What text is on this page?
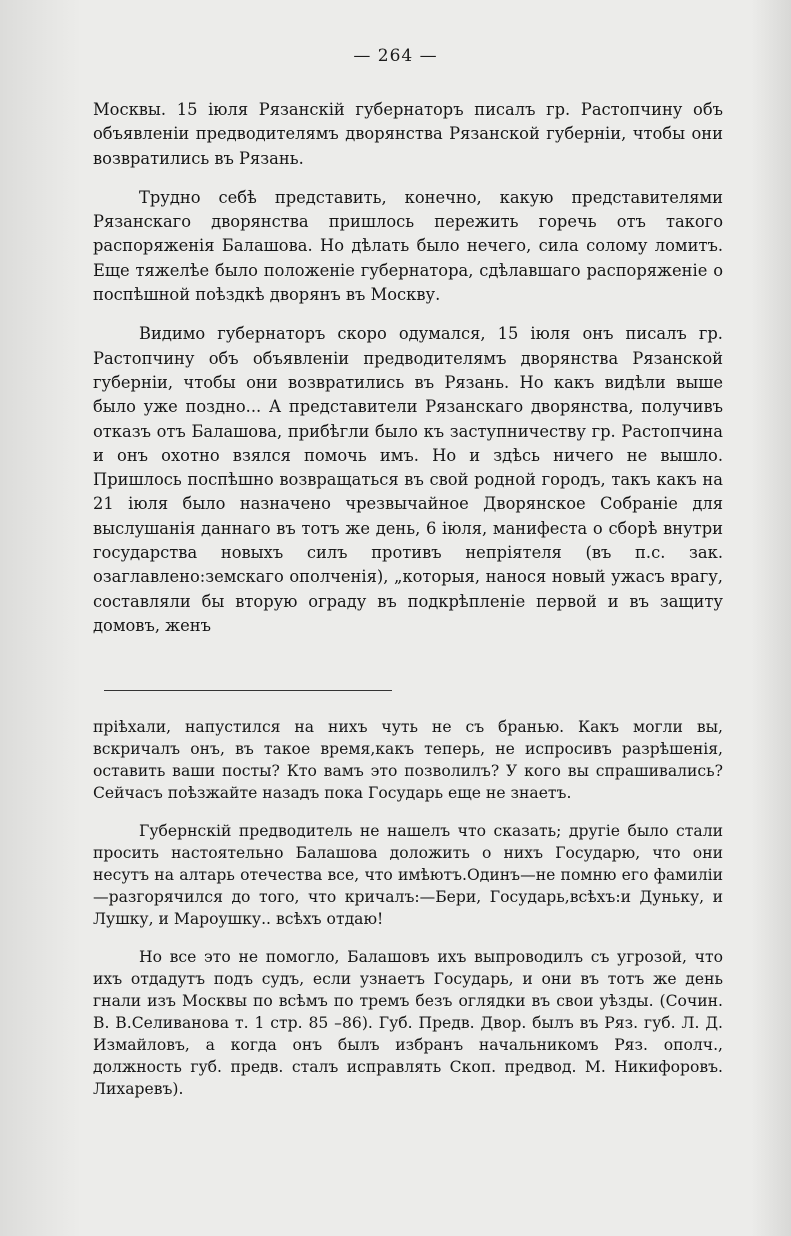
— 264 —

Москвы. 15 іюля Рязанскій губернаторъ писалъ гр. Растопчину объ объявленіи предводителямъ дворянства Рязанской губерніи, чтобы они возвратились въ Рязань.

Трудно себѣ представить, конечно, какую представителями Рязанскаго дворянства пришлось пережить горечь отъ такого распоряженія Балашова. Но дѣлать было нечего, сила солому ломитъ. Еще тяжелѣе было положеніе губернатора, сдѣлавшаго распоряженіе о поспѣшной поѣздкѣ дворянъ въ Москву.

Видимо губернаторъ скоро одумался, 15 іюля онъ писалъ гр. Растопчину объ объявленіи предводителямъ дворянства Рязанской губерніи, чтобы они возвратились въ Рязань. Но какъ видѣли выше было уже поздно... А представители Рязанскаго дворянства, получивъ отказъ отъ Балашова, прибѣгли было къ заступничеству гр. Растопчина и онъ охотно взялся помочь имъ. Но и здѣсь ничего не вышло. Пришлось поспѣшно возвращаться въ свой родной городъ, такъ какъ на 21 іюля было назначено чрезвычайное Дворянское Собраніе для выслушанія даннаго въ тотъ же день, 6 іюля, манифеста о сборѣ внутри государства новыхъ силъ противъ непріятеля (въ п.с. зак. озаглавлено:земскаго ополченія), „которыя, нанося новый ужасъ врагу, составляли бы вторую ограду въ подкрѣпленіе первой и въ защиту домовъ, женъ

пріѣхали, напустился на нихъ чуть не съ бранью. Какъ могли вы, вскричалъ онъ, въ такое время,какъ теперь, не испросивъ разрѣшенія, оставить ваши посты? Кто вамъ это позволилъ? У кого вы спрашивались? Сейчасъ поѣзжайте назадъ пока Государь еще не знаетъ.

Губернскій предводитель не нашелъ что сказать; другіе было стали просить настоятельно Балашова доложить о нихъ Государю, что они несутъ на алтарь отечества все, что имѣютъ.Одинъ—не помню его фамиліи—разгорячился до того, что кричалъ:—Бери, Государь,всѣхъ:и Дуньку, и Лушку, и Мароушку.. всѣхъ отдаю!

Но все это не помогло, Балашовъ ихъ выпроводилъ съ угрозой, что ихъ отдадутъ подъ судъ, если узнаетъ Государь, и они въ тотъ же день гнали изъ Москвы по всѣмъ по тремъ безъ оглядки въ свои уѣзды. (Сочин. В. В.Селиванова т. 1 стр. 85 –86). Губ. Предв. Двор. былъ въ Ряз. губ. Л. Д. Измайловъ, а когда онъ былъ избранъ начальникомъ Ряз. ополч., должность губ. предв. сталъ исправлять Скоп. предвод. М. Никифоровъ. Лихаревъ).
